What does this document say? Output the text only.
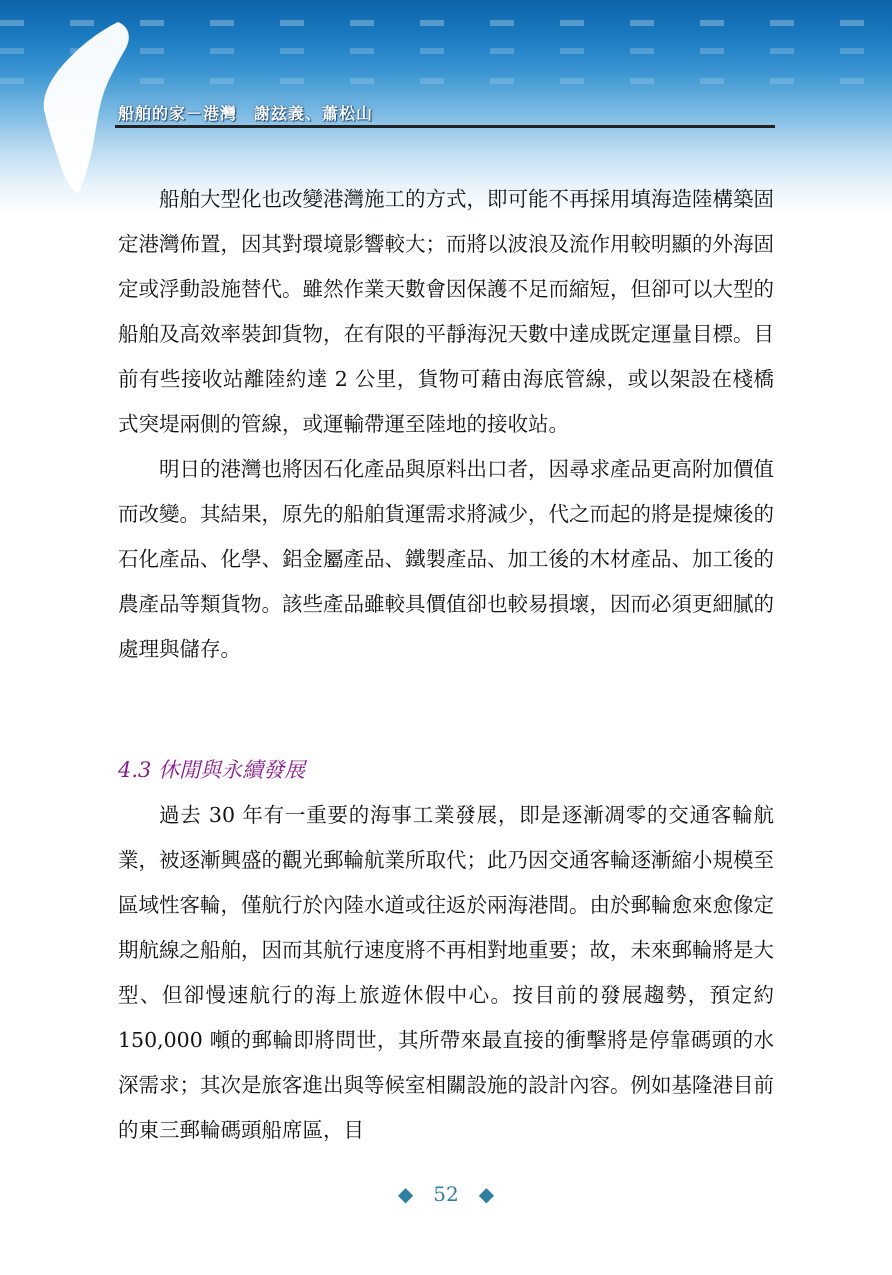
船舶的家－港灣　謝玆義、蕭松山

船舶大型化也改變港灣施工的方式，即可能不再採用填海造陸構築固定港灣佈置，因其對環境影響較大；而將以波浪及流作用較明顯的外海固定或浮動設施替代。雖然作業天數會因保護不足而縮短，但卻可以大型的船舶及高效率裝卸貨物，在有限的平靜海況天數中達成既定運量目標。目前有些接收站離陸約達 2 公里，貨物可藉由海底管線，或以架設在棧橋式突堤兩側的管線，或運輸帶運至陸地的接收站。

明日的港灣也將因石化產品與原料出口者，因尋求產品更高附加價值而改變。其結果，原先的船舶貨運需求將減少，代之而起的將是提煉後的石化產品、化學、鋁金屬產品、鐵製產品、加工後的木材產品、加工後的農產品等類貨物。該些產品雖較具價值卻也較易損壞，因而必須更細膩的處理與儲存。

4.3 休閒與永續發展

過去 30 年有一重要的海事工業發展，即是逐漸凋零的交通客輪航業，被逐漸興盛的觀光郵輪航業所取代；此乃因交通客輪逐漸縮小規模至區域性客輪，僅航行於內陸水道或往返於兩海港間。由於郵輪愈來愈像定期航線之船舶，因而其航行速度將不再相對地重要；故，未來郵輪將是大型、但卻慢速航行的海上旅遊休假中心。按目前的發展趨勢，預定約 150,000 噸的郵輪即將問世，其所帶來最直接的衝擊將是停靠碼頭的水深需求；其次是旅客進出與等候室相關設施的設計內容。例如基隆港目前的東三郵輪碼頭船席區，目

◆ 52 ◆
